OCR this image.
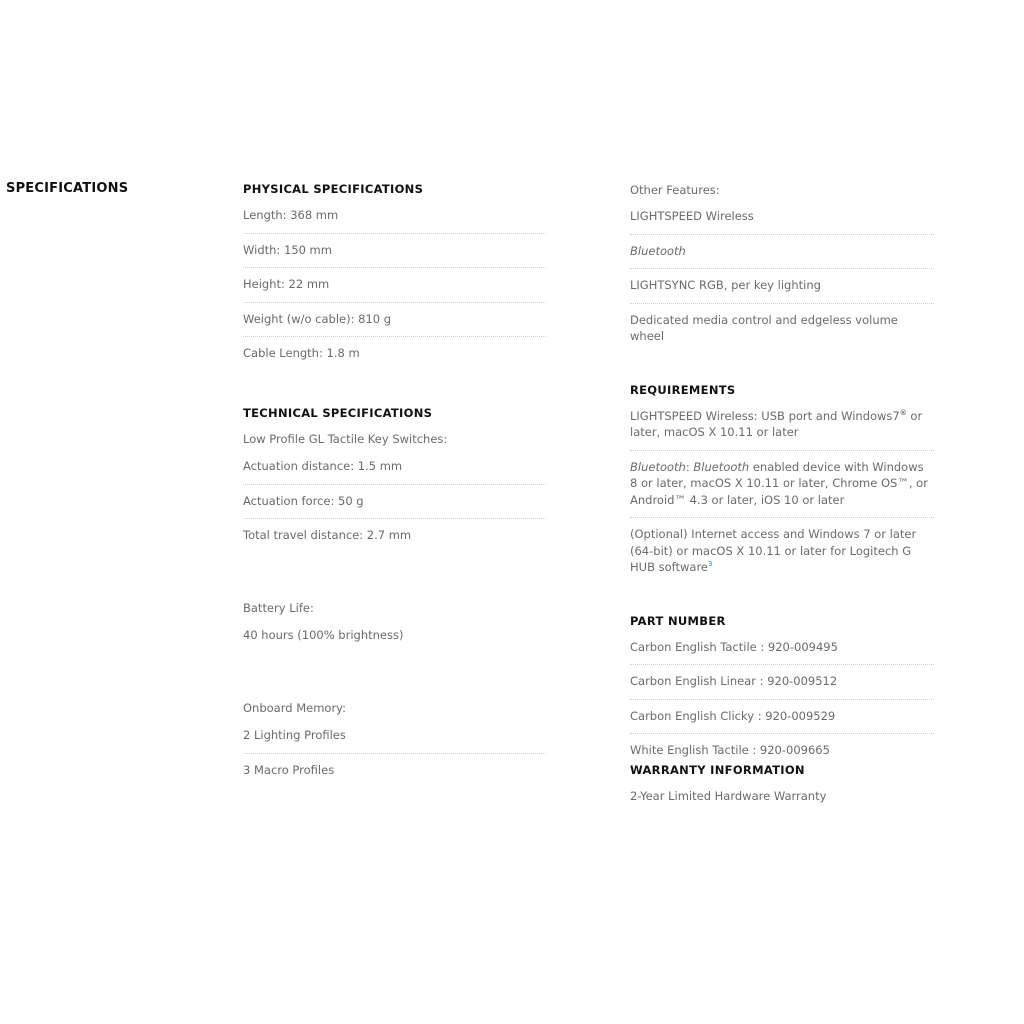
SPECIFICATIONS	PHYSICAL SPECIFICATIONS
Length: 368 mm
Width: 150 mm
Height: 22 mm
Weight (w/o cable): 810 g
Cable Length: 1.8 m
TECHNICAL SPECIFICATIONS
Low Profile GL Tactile Key Switches:
Actuation distance: 1.5 mm
Actuation force: 50 g
Total travel distance: 2.7 mm
Battery Life:
40 hours (100% brightness)
Onboard Memory:
2 Lighting Profiles
3 Macro Profiles
Other Features:
LIGHTSPEED Wireless
Bluetooth
LIGHTSYNC RGB, per key lighting
Dedicated media control and edgeless volume wheel
REQUIREMENTS
LIGHTSPEED Wireless: USB port and Windows7® or later, macOS X 10.11 or later
Bluetooth: Bluetooth enabled device with Windows 8 or later, macOS X 10.11 or later, Chrome OS™, or Android™ 4.3 or later, iOS 10 or later
(Optional) Internet access and Windows 7 or later (64-bit) or macOS X 10.11 or later for Logitech G HUB software$^3$
PART NUMBER
Carbon English Tactile : 920-009495
Carbon English Linear : 920-009512
Carbon English Clicky : 920-009529
White English Tactile : 920-009665
WARRANTY INFORMATION
2-Year Limited Hardware Warranty
